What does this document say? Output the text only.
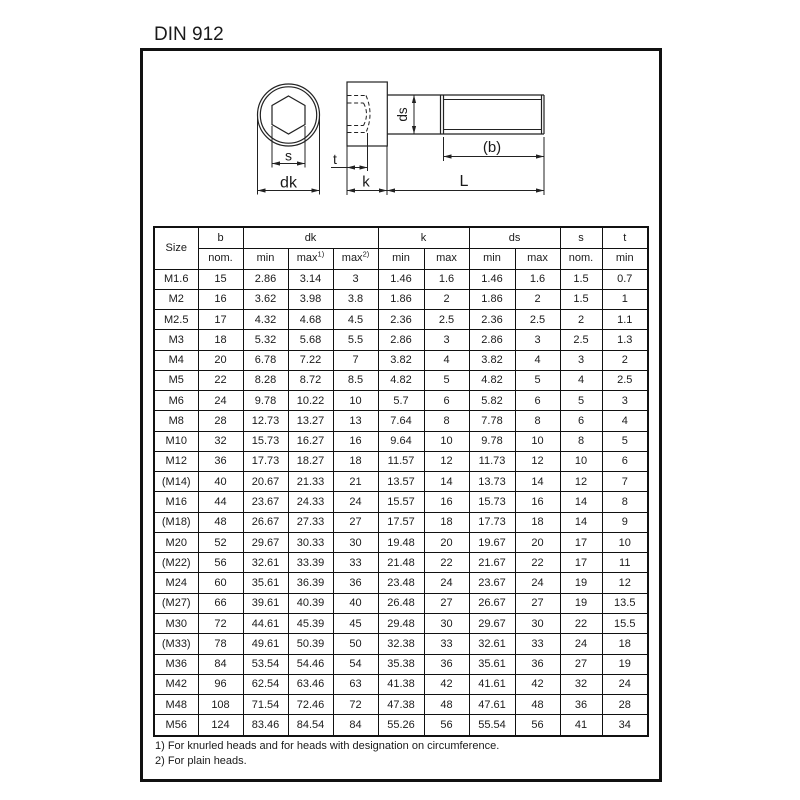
DIN 912
s
dk
t
k
ds
(b)
L
Size	b	dk			k		ds		s	t
	nom.	min	$\max^{1)}$	$\max^{2)}$	min	max	min	max	nom.	min
M1.6	15	2.86	3.14	3	1.46	1.6	1.46	1.6	1.5	0.7
M2	16	3.62	3.98	3.8	1.86	2	1.86	2	1.5	1
M2.5	17	4.32	4.68	4.5	2.36	2.5	2.36	2.5	2	1.1
M3	18	5.32	5.68	5.5	2.86	3	2.86	3	2.5	1.3
M4	20	6.78	7.22	7	3.82	4	3.82	4	3	2
M5	22	8.28	8.72	8.5	4.82	5	4.82	5	4	2.5
M6	24	9.78	10.22	10	5.7	6	5.82	6	5	3
M8	28	12.73	13.27	13	7.64	8	7.78	8	6	4
M10	32	15.73	16.27	16	9.64	10	9.78	10	8	5
M12	36	17.73	18.27	18	11.57	12	11.73	12	10	6
(M14)	40	20.67	21.33	21	13.57	14	13.73	14	12	7
M16	44	23.67	24.33	24	15.57	16	15.73	16	14	8
(M18)	48	26.67	27.33	27	17.57	18	17.73	18	14	9
M20	52	29.67	30.33	30	19.48	20	19.67	20	17	10
(M22)	56	32.61	33.39	33	21.48	22	21.67	22	17	11
M24	60	35.61	36.39	36	23.48	24	23.67	24	19	12
(M27)	66	39.61	40.39	40	26.48	27	26.67	27	19	13.5
M30	72	44.61	45.39	45	29.48	30	29.67	30	22	15.5
(M33)	78	49.61	50.39	50	32.38	33	32.61	33	24	18
M36	84	53.54	54.46	54	35.38	36	35.61	36	27	19
M42	96	62.54	63.46	63	41.38	42	41.61	42	32	24
M48	108	71.54	72.46	72	47.38	48	47.61	48	36	28
M56	124	83.46	84.54	84	55.26	56	55.54	56	41	34
1) For knurled heads and for heads with designation on circumference.
2) For plain heads.
